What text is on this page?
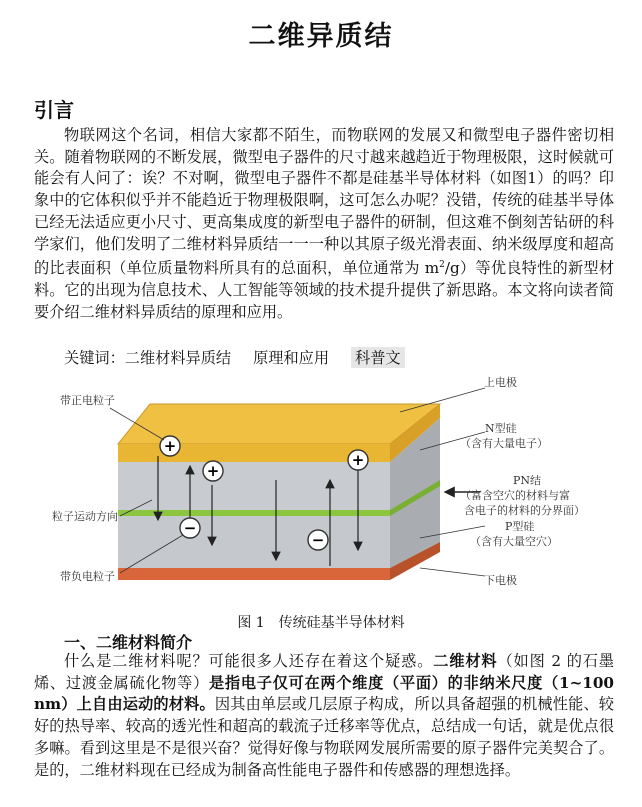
二维异质结
引言

物联网这个名词，相信大家都不陌生，而物联网的发展又和微型电子器件密切相关。随着物联网的不断发展，微型电子器件的尺寸越来越趋近于物理极限，这时候就可能会有人问了：诶？不对啊，微型电子器件不都是硅基半导体材料（如图1）的吗？印象中的它体积似乎并不能趋近于物理极限啊，这可怎么办呢？没错，传统的硅基半导体已经无法适应更小尺寸、更高集成度的新型电子器件的研制，但这难不倒刻苦钻研的科学家们，他们发明了二维材料异质结一一一种以其原子级光滑表面、纳米级厚度和超高的比表面积（单位质量物料所具有的总面积，单位通常为 $m^2/g$）等优良特性的新型材料。它的出现为信息技术、人工智能等领域的技术提升提供了新思路。本文将向读者简要介绍二维材料异质结的原理和应用。

关键词：二维材料异质结 原理和应用 科普文
+
+
+
−
−
带正电粒子
粒子运动方向
带负电粒子
上电极
N型硅
（含有大量电子）
PN结
（富含空穴的材料与富
含电子的材料的分界面）
P型硅
（含有大量空穴）
下电极
图 1　传统硅基半导体材料
一、二维材料简介

什么是二维材料呢？可能很多人还存在着这个疑惑。二维材料（如图 2 的石墨烯、过渡金属硫化物等）是指电子仅可在两个维度（平面）的非纳米尺度（1~100 nm）上自由运动的材料。因其由单层或几层原子构成，所以具备超强的机械性能、较好的热导率、较高的透光性和超高的载流子迁移率等优点，总结成一句话，就是优点很多嘛。看到这里是不是很兴奋？觉得好像与物联网发展所需要的原子器件完美契合了。是的，二维材料现在已经成为制备高性能电子器件和传感器的理想选择。
